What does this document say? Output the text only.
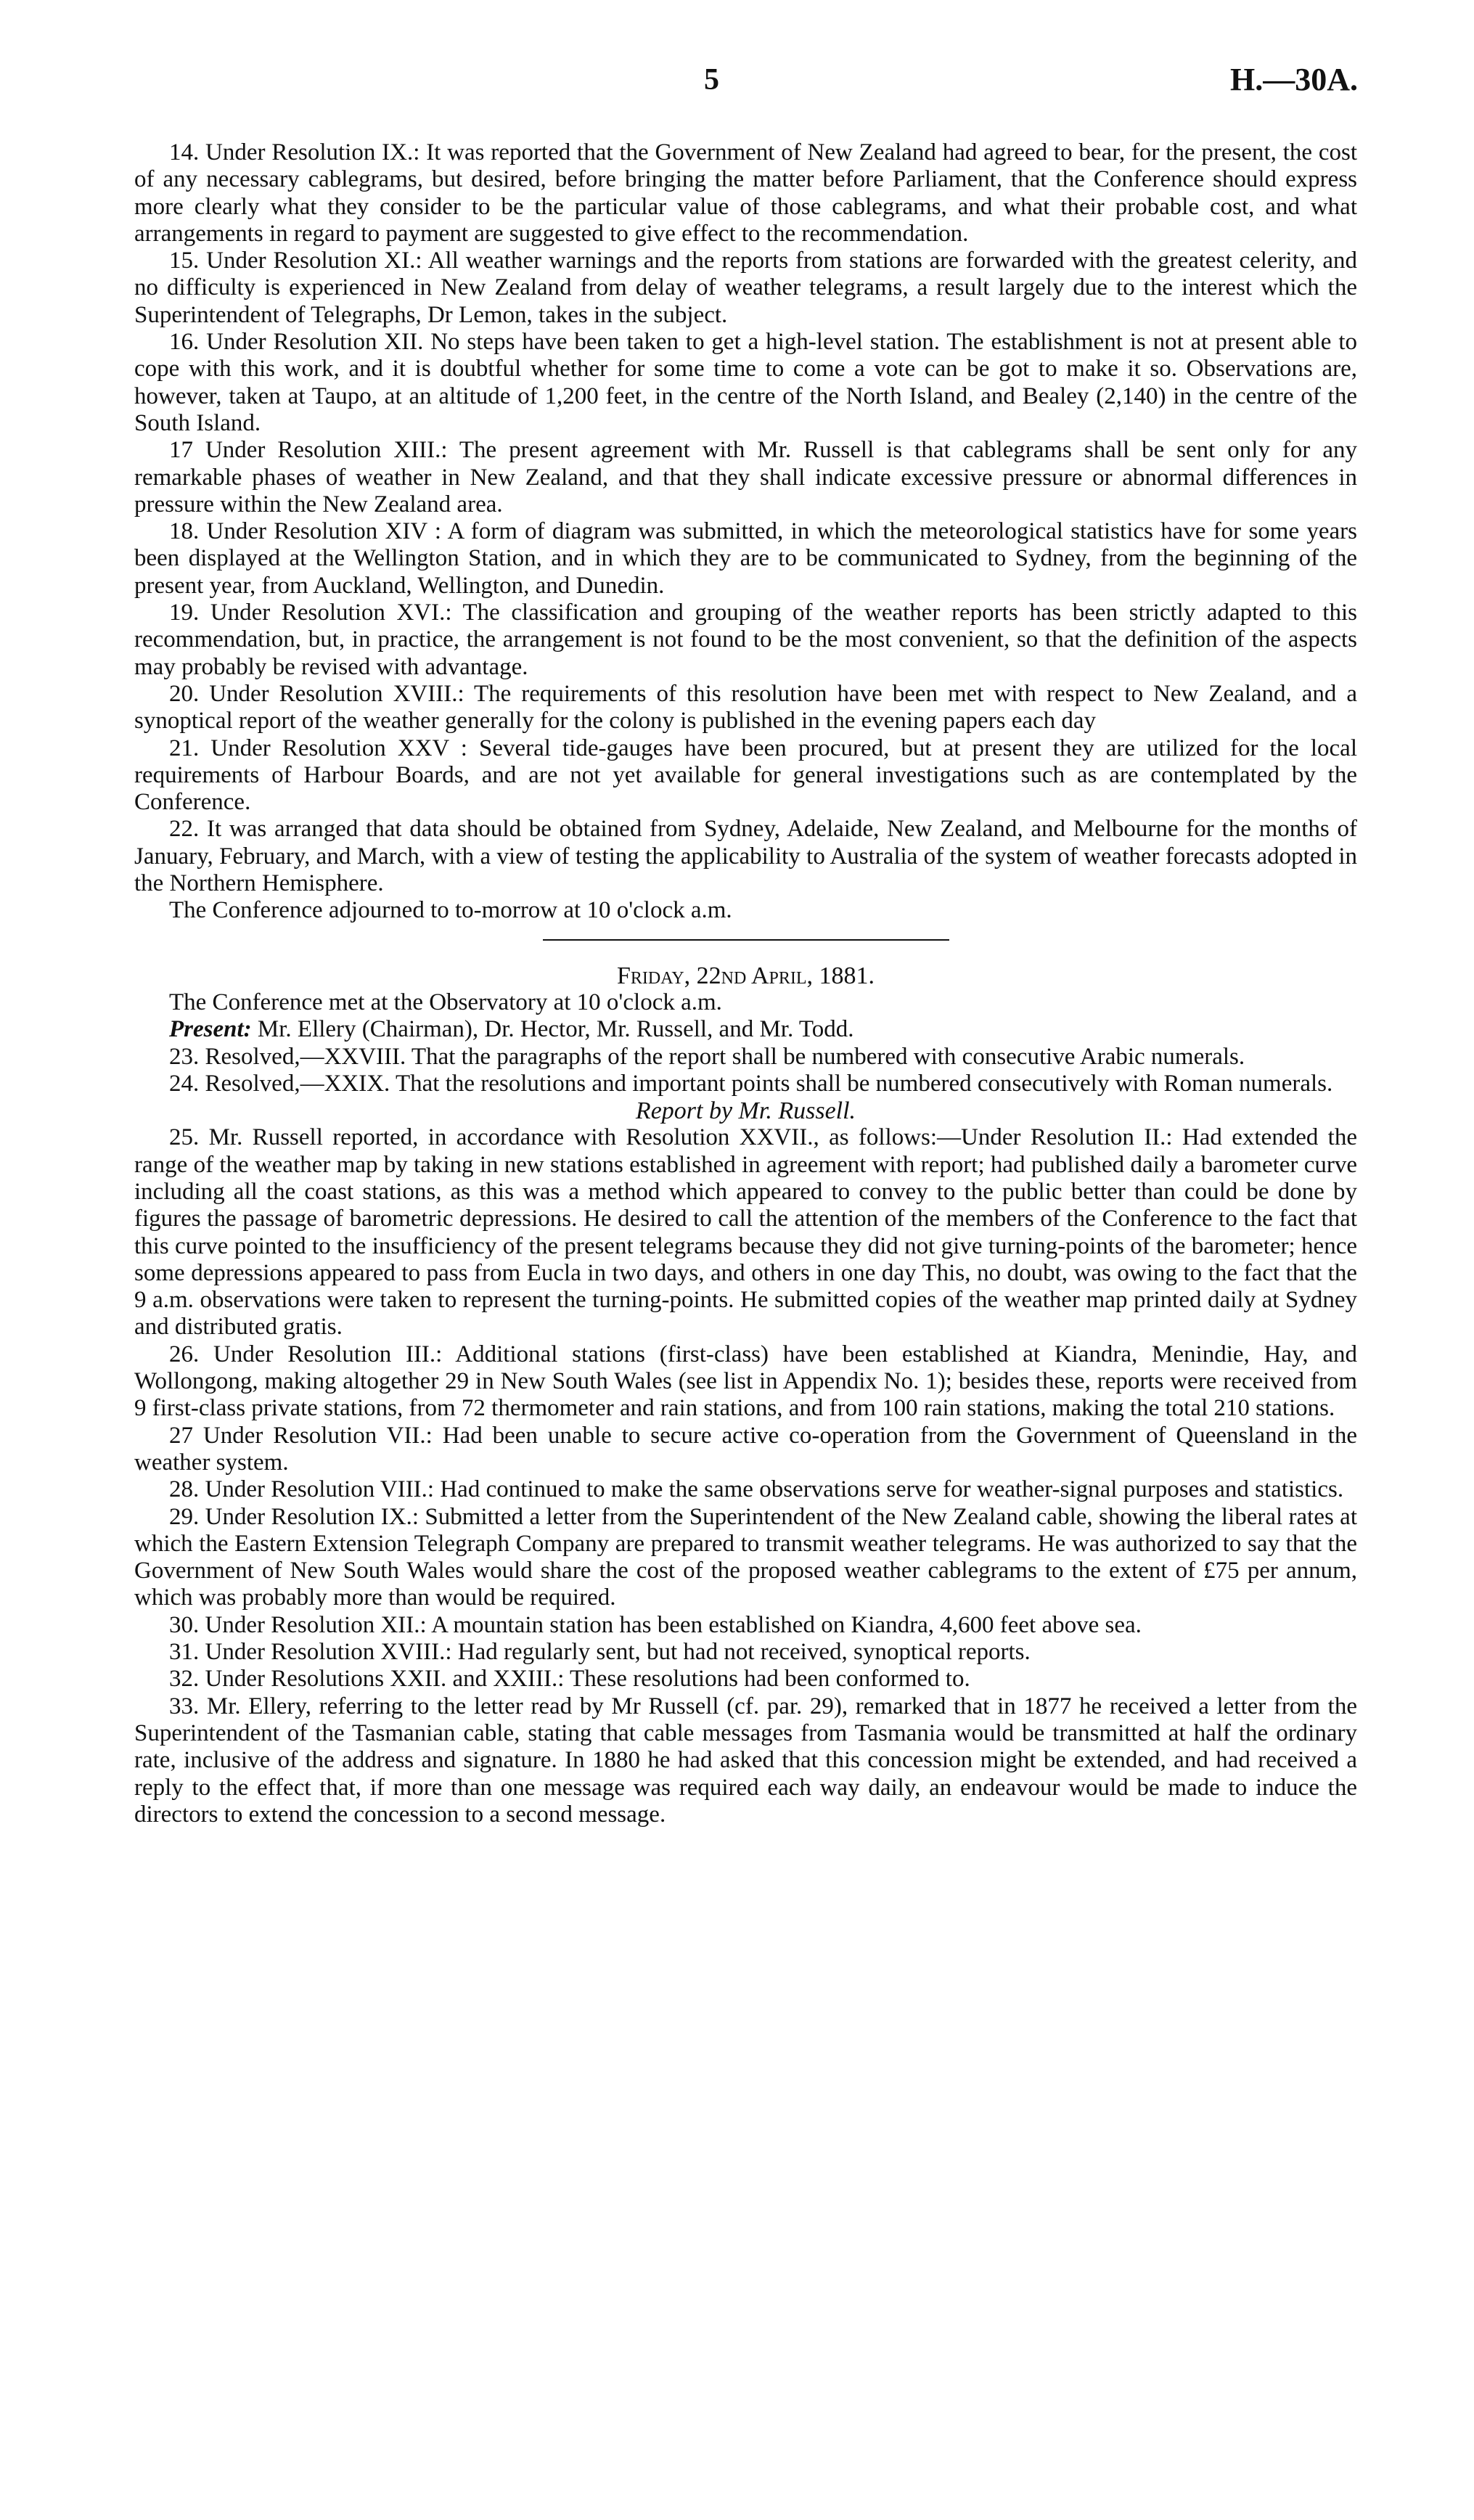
5	H.—30A.

14. Under Resolution IX.: It was reported that the Government of New Zealand had agreed to bear, for the present, the cost of any necessary cablegrams, but desired, before bringing the matter before Parliament, that the Conference should express more clearly what they consider to be the particular value of those cablegrams, and what their probable cost, and what arrangements in regard to payment are suggested to give effect to the recommendation.

15. Under Resolution XI.: All weather warnings and the reports from stations are forwarded with the greatest celerity, and no difficulty is experienced in New Zealand from delay of weather telegrams, a result largely due to the interest which the Superintendent of Telegraphs, Dr Lemon, takes in the subject.

16. Under Resolution XII. No steps have been taken to get a high-level station. The establishment is not at present able to cope with this work, and it is doubtful whether for some time to come a vote can be got to make it so. Observations are, however, taken at Taupo, at an altitude of 1,200 feet, in the centre of the North Island, and Bealey (2,140) in the centre of the South Island.

17 Under Resolution XIII.: The present agreement with Mr. Russell is that cablegrams shall be sent only for any remarkable phases of weather in New Zealand, and that they shall indicate excessive pressure or abnormal differences in pressure within the New Zealand area.

18. Under Resolution XIV : A form of diagram was submitted, in which the meteorological statistics have for some years been displayed at the Wellington Station, and in which they are to be communicated to Sydney, from the beginning of the present year, from Auckland, Wellington, and Dunedin.

19. Under Resolution XVI.: The classification and grouping of the weather reports has been strictly adapted to this recommendation, but, in practice, the arrangement is not found to be the most convenient, so that the definition of the aspects may probably be revised with advantage.

20. Under Resolution XVIII.: The requirements of this resolution have been met with respect to New Zealand, and a synoptical report of the weather generally for the colony is published in the evening papers each day

21. Under Resolution XXV : Several tide-gauges have been procured, but at present they are utilized for the local requirements of Harbour Boards, and are not yet available for general investigations such as are contemplated by the Conference.

22. It was arranged that data should be obtained from Sydney, Adelaide, New Zealand, and Melbourne for the months of January, February, and March, with a view of testing the applicability to Australia of the system of weather forecasts adopted in the Northern Hemisphere.

The Conference adjourned to to-morrow at 10 o'clock a.m.

Friday, 22nd April, 1881.

The Conference met at the Observatory at 10 o'clock a.m.

Present: Mr. Ellery (Chairman), Dr. Hector, Mr. Russell, and Mr. Todd.

23. Resolved,—XXVIII. That the paragraphs of the report shall be numbered with consecutive Arabic numerals.

24. Resolved,—XXIX. That the resolutions and important points shall be numbered consecutively with Roman numerals.

Report by Mr. Russell.

25. Mr. Russell reported, in accordance with Resolution XXVII., as follows:—Under Resolution II.: Had extended the range of the weather map by taking in new stations established in agreement with report; had published daily a barometer curve including all the coast stations, as this was a method which appeared to convey to the public better than could be done by figures the passage of barometric depressions. He desired to call the attention of the members of the Conference to the fact that this curve pointed to the insufficiency of the present telegrams because they did not give turning-points of the barometer; hence some depressions appeared to pass from Eucla in two days, and others in one day This, no doubt, was owing to the fact that the 9 a.m. observations were taken to represent the turning-points. He submitted copies of the weather map printed daily at Sydney and distributed gratis.

26. Under Resolution III.: Additional stations (first-class) have been established at Kiandra, Menindie, Hay, and Wollongong, making altogether 29 in New South Wales (see list in Appendix No. 1); besides these, reports were received from 9 first-class private stations, from 72 thermometer and rain stations, and from 100 rain stations, making the total 210 stations.

27 Under Resolution VII.: Had been unable to secure active co-operation from the Government of Queensland in the weather system.

28. Under Resolution VIII.: Had continued to make the same observations serve for weather-signal purposes and statistics.

29. Under Resolution IX.: Submitted a letter from the Superintendent of the New Zealand cable, showing the liberal rates at which the Eastern Extension Telegraph Company are prepared to transmit weather telegrams. He was authorized to say that the Government of New South Wales would share the cost of the proposed weather cablegrams to the extent of £75 per annum, which was probably more than would be required.

30. Under Resolution XII.: A mountain station has been established on Kiandra, 4,600 feet above sea.

31. Under Resolution XVIII.: Had regularly sent, but had not received, synoptical reports.

32. Under Resolutions XXII. and XXIII.: These resolutions had been conformed to.

33. Mr. Ellery, referring to the letter read by Mr Russell (cf. par. 29), remarked that in 1877 he received a letter from the Superintendent of the Tasmanian cable, stating that cable messages from Tasmania would be transmitted at half the ordinary rate, inclusive of the address and signature. In 1880 he had asked that this concession might be extended, and had received a reply to the effect that, if more than one message was required each way daily, an endeavour would be made to induce the directors to extend the concession to a second message.
